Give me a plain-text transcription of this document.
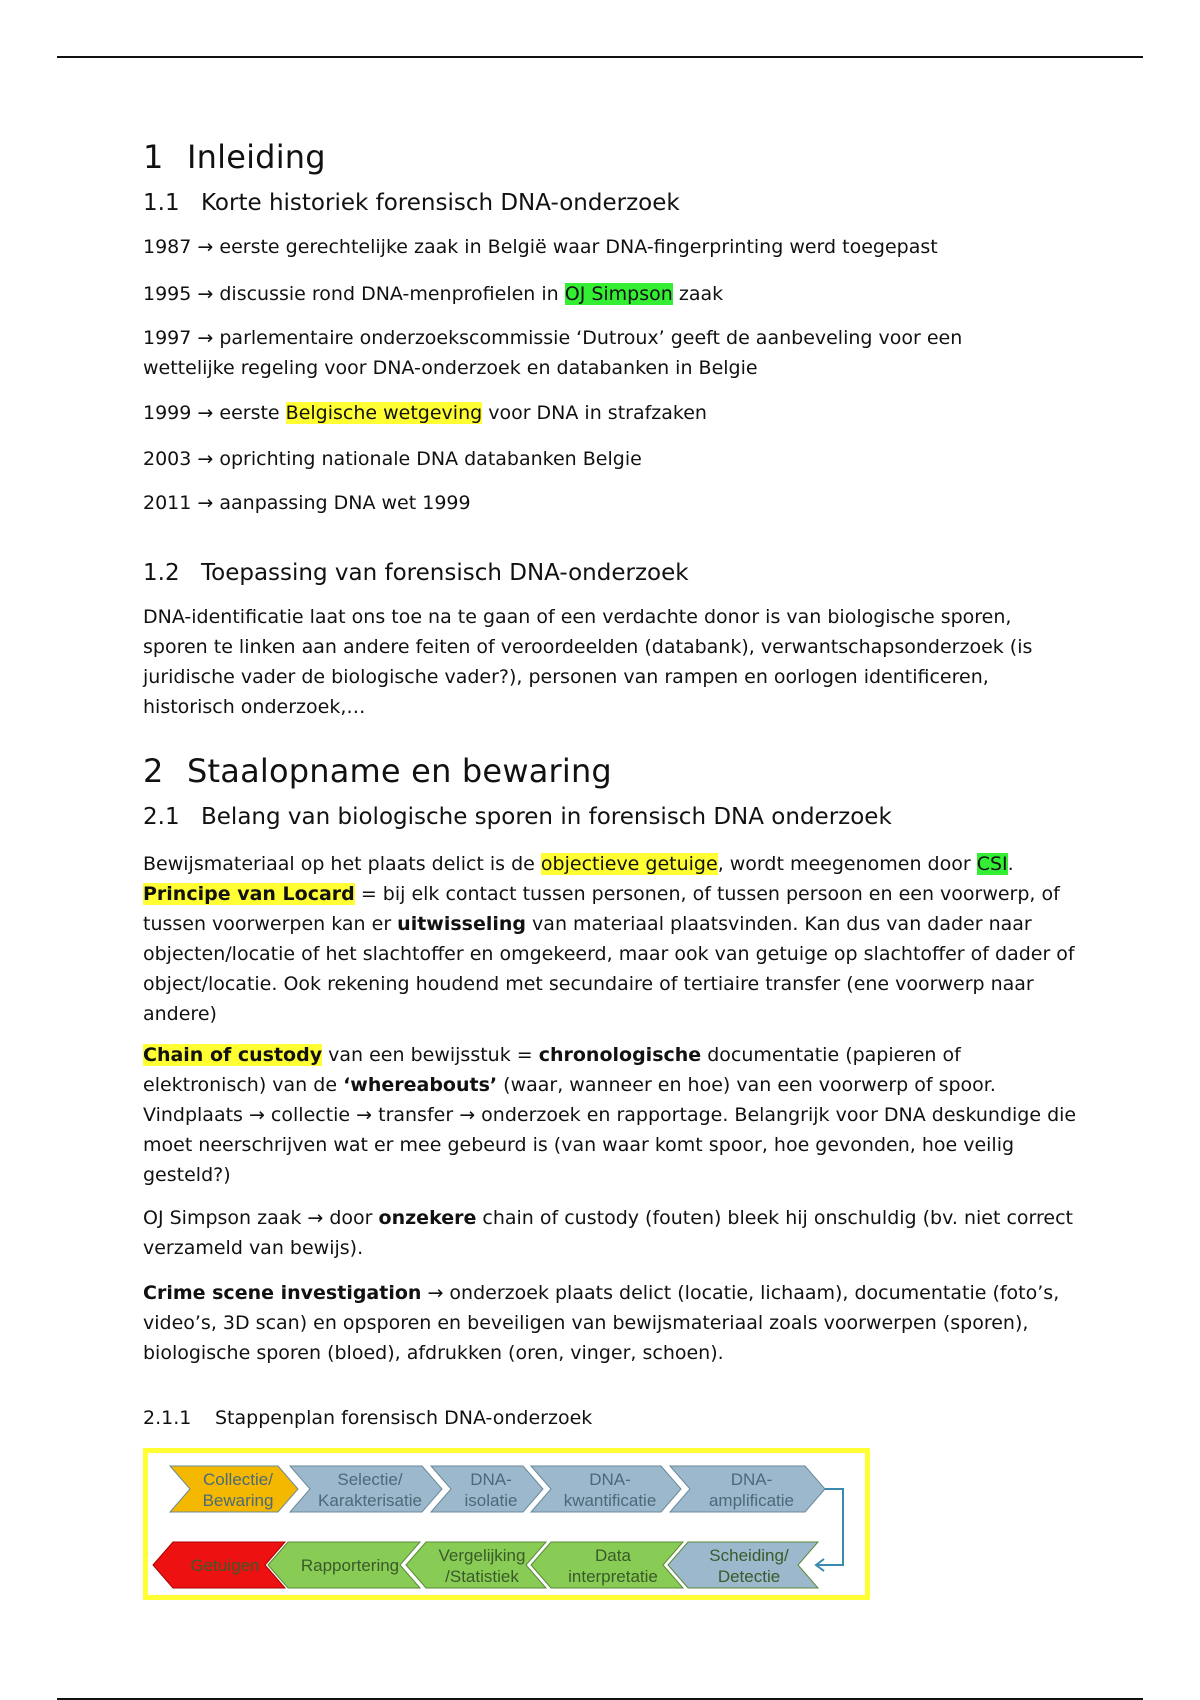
1 Inleiding
1.1 Korte historiek forensisch DNA-onderzoek

1987 → eerste gerechtelijke zaak in België waar DNA-fingerprinting werd toegepast

1995 → discussie rond DNA-menprofielen in OJ Simpson zaak

1997 → parlementaire onderzoekscommissie ‘Dutroux’ geeft de aanbeveling voor een
wettelijke regeling voor DNA-onderzoek en databanken in Belgie

1999 → eerste Belgische wetgeving voor DNA in strafzaken

2003 → oprichting nationale DNA databanken Belgie

2011 → aanpassing DNA wet 1999

1.2 Toepassing van forensisch DNA-onderzoek

DNA-identificatie laat ons toe na te gaan of een verdachte donor is van biologische sporen, sporen te linken aan andere feiten of veroordeelden (databank), verwantschapsonderzoek (is juridische vader de biologische vader?), personen van rampen en oorlogen identificeren, historisch onderzoek,…

2 Staalopname en bewaring
2.1 Belang van biologische sporen in forensisch DNA onderzoek

Bewijsmateriaal op het plaats delict is de objectieve getuige, wordt meegenomen door CSI. Principe van Locard = bij elk contact tussen personen, of tussen persoon en een voorwerp, of tussen voorwerpen kan er uitwisseling van materiaal plaatsvinden. Kan dus van dader naar objecten/locatie of het slachtoffer en omgekeerd, maar ook van getuige op slachtoffer of dader of object/locatie. Ook rekening houdend met secundaire of tertiaire transfer (ene voorwerp naar andere)

Chain of custody van een bewijsstuk = chronologische documentatie (papieren of elektronisch) van de ‘whereabouts’ (waar, wanneer en hoe) van een voorwerp of spoor. Vindplaats → collectie → transfer → onderzoek en rapportage. Belangrijk voor DNA deskundige die moet neerschrijven wat er mee gebeurd is (van waar komt spoor, hoe gevonden, hoe veilig gesteld?)

OJ Simpson zaak → door onzekere chain of custody (fouten) bleek hij onschuldig (bv. niet correct verzameld van bewijs).

Crime scene investigation → onderzoek plaats delict (locatie, lichaam), documentatie (foto’s, video’s, 3D scan) en opsporen en beveiligen van bewijsmateriaal zoals voorwerpen (sporen), biologische sporen (bloed), afdrukken (oren, vinger, schoen).

2.1.1 Stappenplan forensisch DNA-onderzoek
Collectie/
Bewaring
Selectie/
Karakterisatie
DNA-
isolatie
DNA-
kwantificatie
DNA-
amplificatie
Getuigen Rapportering
Vergelijking
/Statistiek
Data
interpretatie
Scheiding/
Detectie
